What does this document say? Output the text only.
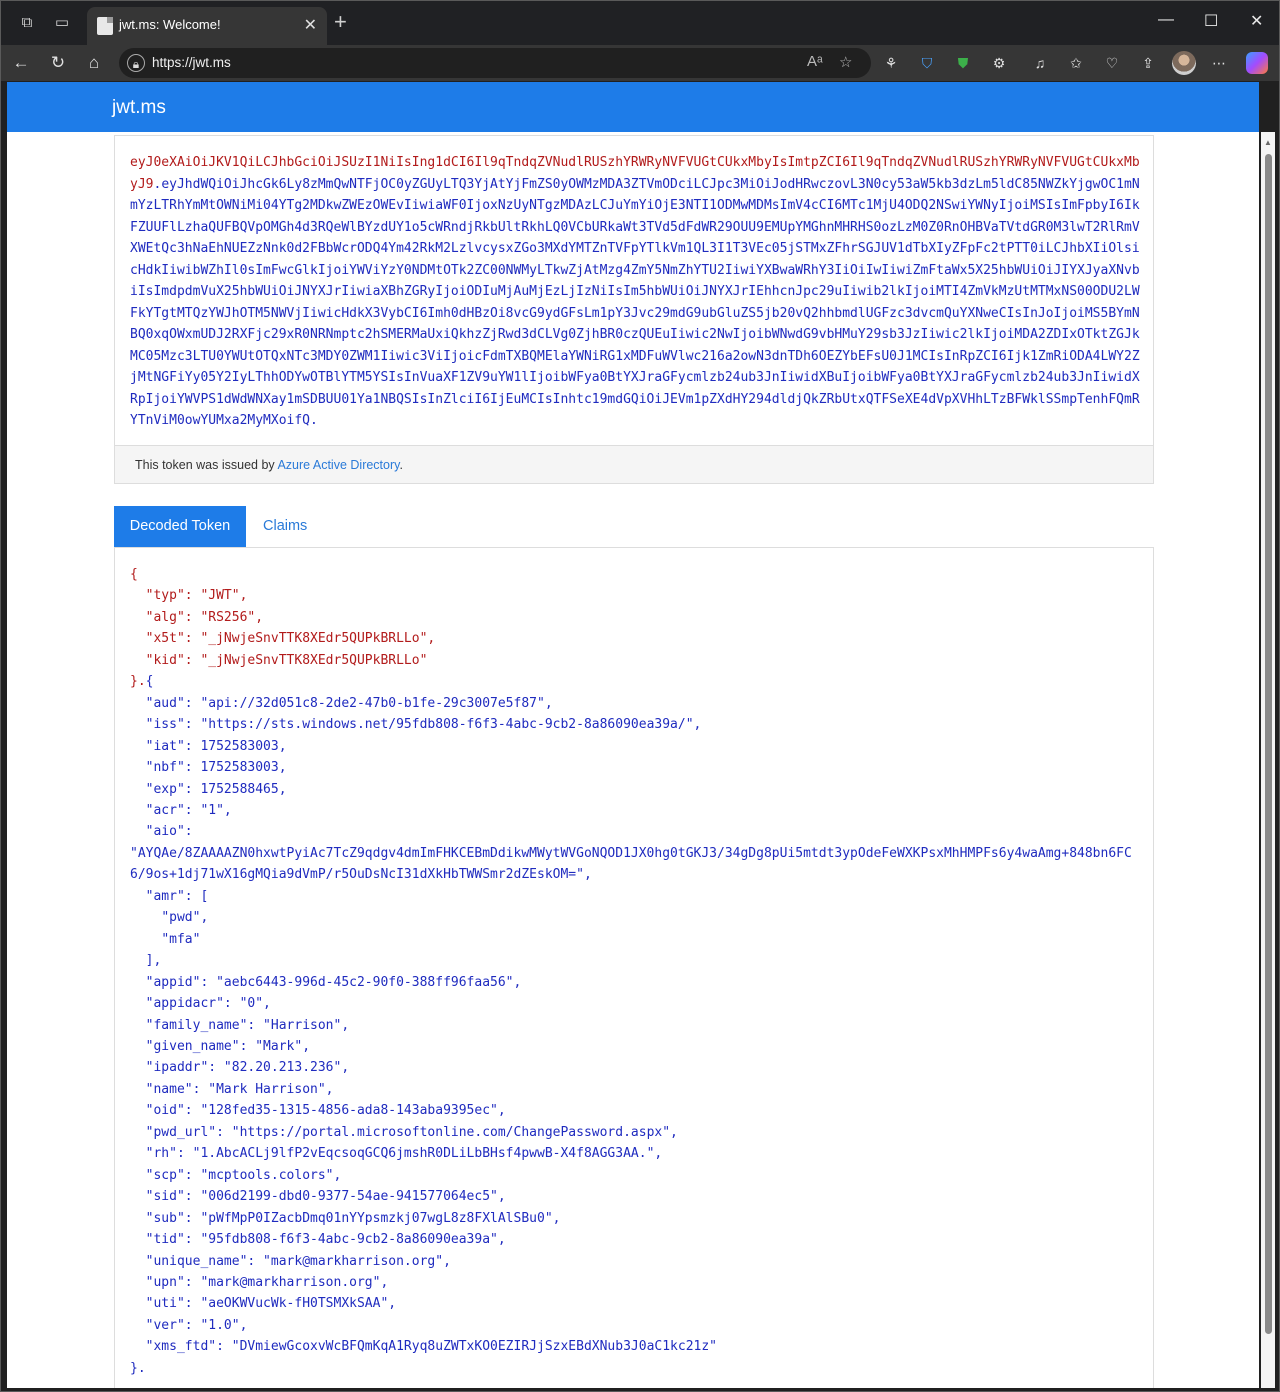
⧉	▭	jwt.ms: Welcome!	✕ +	— ☐ ✕
← ↻	⌂	🔒︎ https://jwt.ms	A͏ᵃ ☆ ⚘	⛉	⛊	⚙	♫	✩ ♡ ⇪	⋯
jwt.ms
eyJ0eXAiOiJKV1QiLCJhbGciOiJSUzI1NiIsIng1dCI6Il9qTndqZVNudlRUSzhYRWRyNVFVUGtCUkxMbyIsImtpZCI6Il9qTndqZVNudlRUSzhYRWRyNVFVUGtCUkxMbyJ9.eyJhdWQiOiJhcGk6Ly8zMmQwNTFjOC0yZGUyLTQ3YjAtYjFmZS0yOWMzMDA3ZTVmODciLCJpc3MiOiJodHRwczovL3N0cy53aW5kb3dzLm5ldC85NWZkYjgwOC1mNmYzLTRhYmMtOWNiMi04YTg2MDkwZWEzOWEvIiwiaWF0IjoxNzUyNTgzMDAzLCJuYmYiOjE3NTI1ODMwMDMsImV4cCI6MTc1MjU4ODQ2NSwiYWNyIjoiMSIsImFpbyI6IkFZUUFlLzhaQUFBQVpOMGh4d3RQeWlBYzdUY1o5cWRndjRkbUltRkhLQ0VCbURkaWt3TVd5dFdWR29OUU9EMUpYMGhnMHRHS0ozLzM0Z0RnOHBVaTVtdGR0M3lwT2RlRmVXWEtQc3hNaEhNUEZzNnk0d2FBbWcrODQ4Ym42RkM2LzlvcysxZGo3MXdYMTZnTVFpYTlkVm1QL3I1T3VEc05jSTMxZFhrSGJUV1dTbXIyZFpFc2tPTT0iLCJhbXIiOlsicHdkIiwibWZhIl0sImFwcGlkIjoiYWViYzY0NDMtOTk2ZC00NWMyLTkwZjAtMzg4ZmY5NmZhYTU2IiwiYXBwaWRhY3IiOiIwIiwiZmFtaWx5X25hbWUiOiJIYXJyaXNvbiIsImdpdmVuX25hbWUiOiJNYXJrIiwiaXBhZGRyIjoiODIuMjAuMjEzLjIzNiIsIm5hbWUiOiJNYXJrIEhhcnJpc29uIiwib2lkIjoiMTI4ZmVkMzUtMTMxNS00ODU2LWFkYTgtMTQzYWJhOTM5NWVjIiwicHdkX3VybCI6Imh0dHBzOi8vcG9ydGFsLm1pY3Jvc29mdG9ubGluZS5jb20vQ2hhbmdlUGFzc3dvcmQuYXNweCIsInJoIjoiMS5BYmNBQ0xqOWxmUDJ2RXFjc29xR0NRNmptc2hSMERMaUxiQkhzZjRwd3dCLVg0ZjhBR0czQUEuIiwic2NwIjoibWNwdG9vbHMuY29sb3JzIiwic2lkIjoiMDA2ZDIxOTktZGJkMC05Mzc3LTU0YWUtOTQxNTc3MDY0ZWM1Iiwic3ViIjoicFdmTXBQMElaYWNiRG1xMDFuWVlwc216a2owN3dnTDh6OEZYbEFsU0J1MCIsInRpZCI6Ijk1ZmRiODA4LWY2ZjMtNGFiYy05Y2IyLThhODYwOTBlYTM5YSIsInVuaXF1ZV9uYW1lIjoibWFya0BtYXJraGFycmlzb24ub3JnIiwidXBuIjoibWFya0BtYXJraGFycmlzb24ub3JnIiwidXRpIjoiYWVPS1dWdWNXay1mSDBUU01Ya1NBQSIsInZlciI6IjEuMCIsInhtc19mdGQiOiJEVm1pZXdHY294dldjQkZRbUtxQTFSeXE4dVpXVHhLTzBFWklSSmpTenhFQmRYTnViM0owYUMxa2MyMXoifQ.
This token was issued by Azure Active Directory.
Decoded Token	Claims
{
"typ": "JWT",
"alg": "RS256",
"x5t": "_jNwjeSnvTTK8XEdr5QUPkBRLLo",
"kid": "_jNwjeSnvTTK8XEdr5QUPkBRLLo"
}.{
"aud": "api://32d051c8-2de2-47b0-b1fe-29c3007e5f87",
"iss": "https://sts.windows.net/95fdb808-f6f3-4abc-9cb2-8a86090ea39a/",
"iat": 1752583003,
"nbf": 1752583003,
"exp": 1752588465,
"acr": "1",
"aio":
"AYQAe/8ZAAAAZN0hxwtPyiAc7TcZ9qdgv4dmImFHKCEBmDdikwMWytWVGoNQOD1JX0hg0tGKJ3/34gDg8pUi5mtdt3ypOdeFeWXKPsxMhHMPFs6y4waAmg+848bn6FC6/9os+1dj71wX16gMQia9dVmP/r5OuDsNcI31dXkHbTWWSmr2dZEskOM=",
"amr": [
"pwd",
"mfa"
],
"appid": "aebc6443-996d-45c2-90f0-388ff96faa56",
"appidacr": "0",
"family_name": "Harrison",
"given_name": "Mark",
"ipaddr": "82.20.213.236",
"name": "Mark Harrison",
"oid": "128fed35-1315-4856-ada8-143aba9395ec",
"pwd_url": "https://portal.microsoftonline.com/ChangePassword.aspx",
"rh": "1.AbcACLj9lfP2vEqcsoqGCQ6jmshR0DLiLbBHsf4pwwB-X4f8AGG3AA.",
"scp": "mcptools.colors",
"sid": "006d2199-dbd0-9377-54ae-941577064ec5",
"sub": "pWfMpP0IZacbDmq01nYYpsmzkj07wgL8z8FXlAlSBu0",
"tid": "95fdb808-f6f3-4abc-9cb2-8a86090ea39a",
"unique_name": "mark@markharrison.org",
"upn": "mark@markharrison.org",
"uti": "aeOKWVucWk-fH0TSMXkSAA",
"ver": "1.0",
"xms_ftd": "DVmiewGcoxvWcBFQmKqA1Ryq8uZWTxKO0EZIRJjSzxEBdXNub3J0aC1kc21z"
}.
▲
